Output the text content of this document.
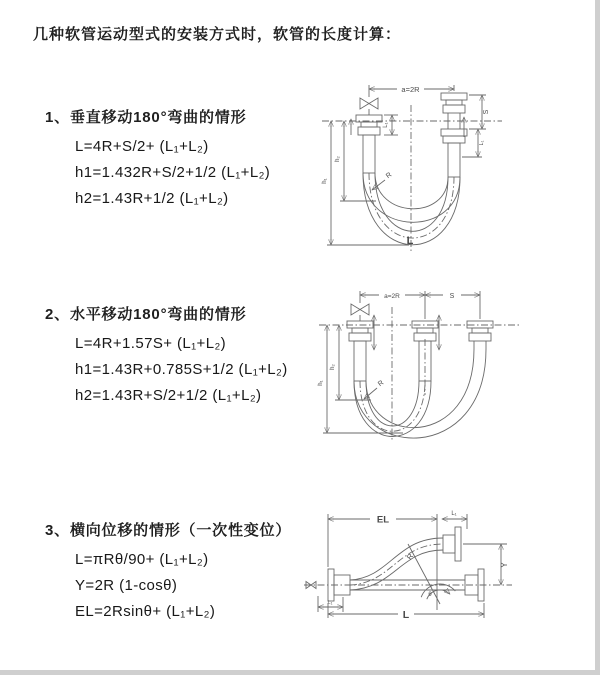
几种软管运动型式的安装方式时，软管的长度计算：
1、垂直移动180°弯曲的情形
L=4R+S/2+ (L₁+L₂)
h1=1.432R+S/2+1/2 (L₁+L₂)
h2=1.43R+1/2 (L₁+L₂)
2、水平移动180°弯曲的情形
L=4R+1.57S+ (L₁+L₂)
h1=1.43R+0.785S+1/2 (L₁+L₂)
h2=1.43R+S/2+1/2 (L₁+L₂)
3、横向位移的情形（一次性变位）
L=πRθ/90+ (L₁+L₂)
Y=2R (1-cosθ)
EL=2Rsinθ+ (L₁+L₂)
a=2R
L₁
S
L₁
h₁
h₂
R
L
a=2R	S
h₁
h₂
R
EL
L₁
Y
R
θ
L₁
L
